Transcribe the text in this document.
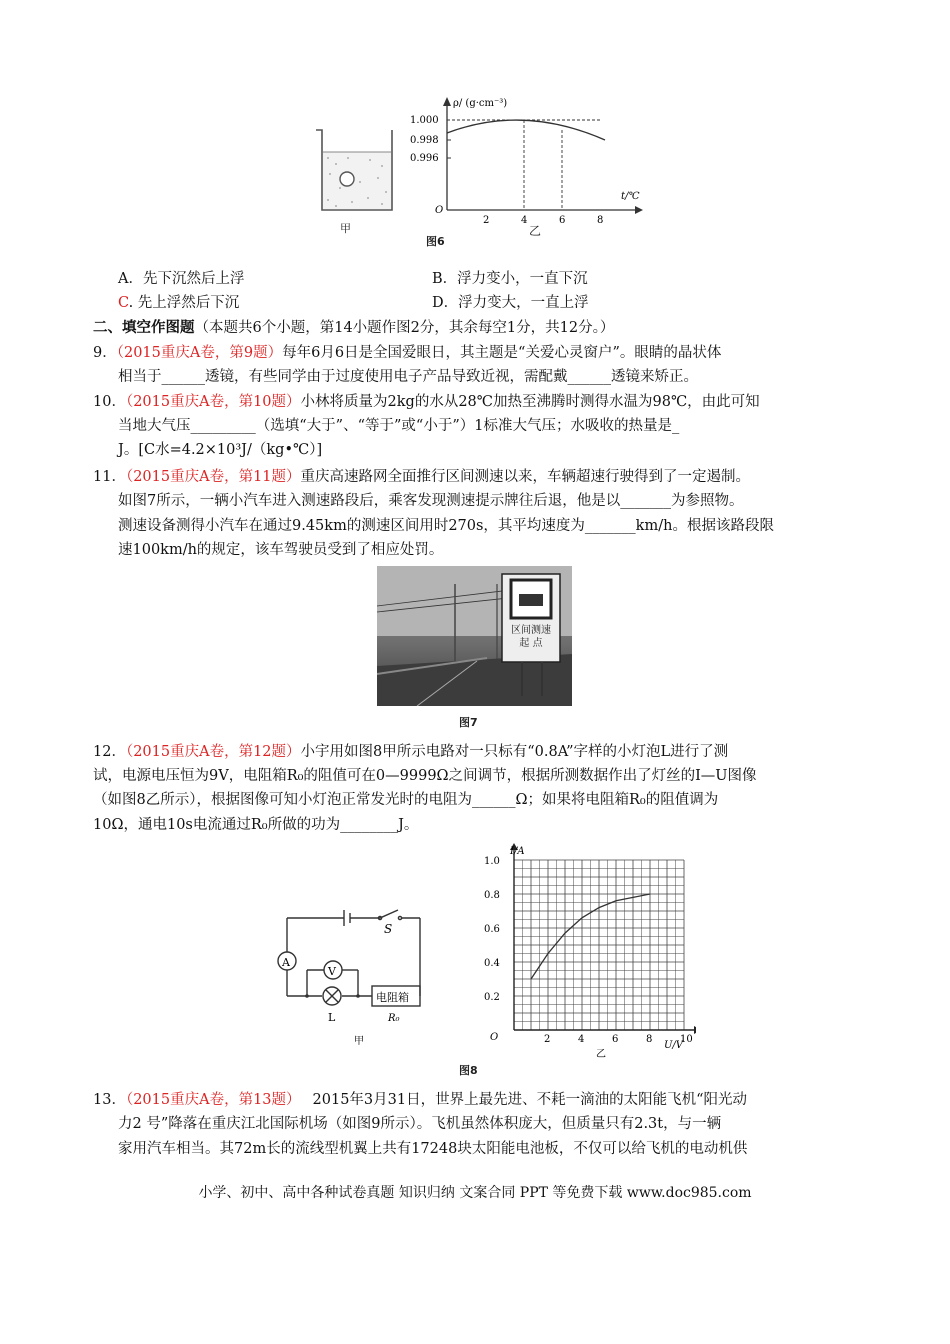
甲
ρ/ (g·cm⁻³)
t/℃
O
1.000
0.998
0.996
2	4	6	8
乙
图6
A．先下沉然后上浮	B．浮力变小，一直下沉
C. 先上浮然后下沉	D．浮力变大，一直上浮
二、填空作图题（本题共6个小题，第14小题作图2分，其余每空1分，共12分。）
9．（2015重庆A卷，第9题）每年6月6日是全国爱眼日，其主题是“关爱心灵窗户”。眼睛的晶状体
相当于______透镜，有些同学由于过度使用电子产品导致近视，需配戴______透镜来矫正。
10．（2015重庆A卷，第10题）小林将质量为2kg的水从28℃加热至沸腾时测得水温为98℃，由此可知
当地大气压_________（选填“大于”、“等于”或“小于”）1标准大气压；水吸收的热量是_
J。[C水=4.2×10³J/（kg•℃）]
11．（2015重庆A卷，第11题）重庆高速路网全面推行区间测速以来，车辆超速行驶得到了一定遏制。
如图7所示，一辆小汽车进入测速路段后，乘客发现测速提示牌往后退，他是以_______为参照物。
测速设备测得小汽车在通过9.45km的测速区间用时270s，其平均速度为_______km/h。根据该路段限
速100km/h的规定，该车驾驶员受到了相应处罚。
区间测速
起 点
图7
12．（2015重庆A卷，第12题）小宇用如图8甲所示电路对一只标有“0.8A”字样的小灯泡L进行了测
试，电源电压恒为9V，电阻箱R₀的阻值可在0—9999Ω之间调节，根据所测数据作出了灯丝的I—U图像
（如图8乙所示），根据图像可知小灯泡正常发光时的电阻为______Ω；如果将电阻箱R₀的阻值调为
10Ω，通电10s电流通过R₀所做的功为________J。
S
A
V
L
电阻箱
R₀
甲
1.0
0.8
0.6
0.4
0.2
2	4	6	8	10
I/A
U/V
O
乙
图8
13．（2015重庆A卷，第13题） 2015年3月31日，世界上最先进、不耗一滴油的太阳能飞机“阳光动
力2 号”降落在重庆江北国际机场（如图9所示）。飞机虽然体积庞大，但质量只有2.3t，与一辆
家用汽车相当。其72m长的流线型机翼上共有17248块太阳能电池板，不仅可以给飞机的电动机供
小学、初中、高中各种试卷真题 知识归纳 文案合同 PPT 等免费下载 www.doc985.com
